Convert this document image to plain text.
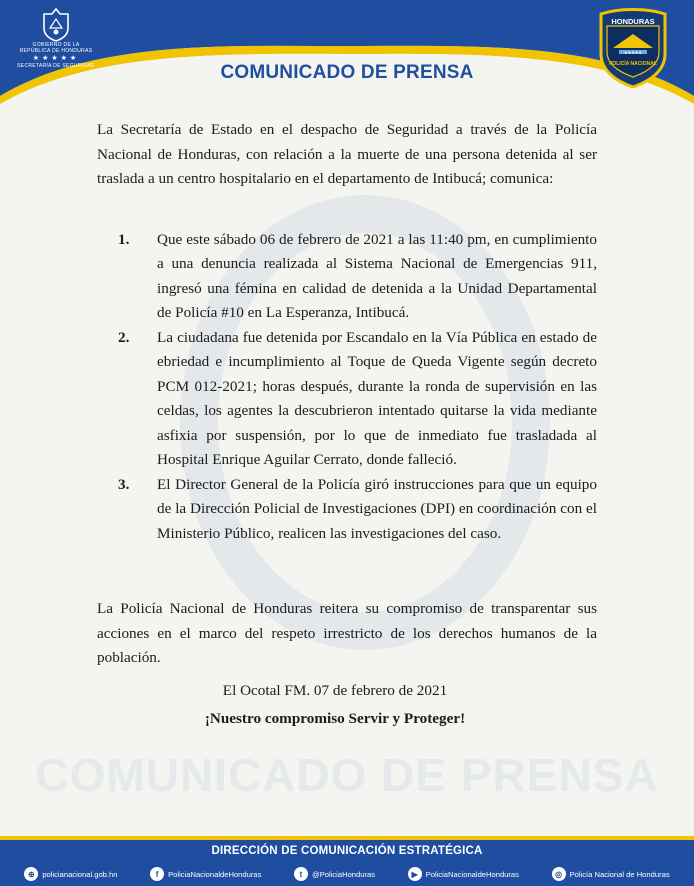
GOBIERNO DE LA
REPÚBLICA DE HONDURAS
★★★★★
SECRETARÍA DE SEGURIDAD	COMUNICADO DE PRENSA
★★★★★
HONDURAS
POLICÍA NACIONAL
COMUNICADO DE PRENSA

La Secretaría de Estado en el despacho de Seguridad a través de la Policía Nacional de Honduras, con relación a la muerte de una persona detenida al ser traslada a un centro hospitalario en el departamento de Intibucá; comunica:

1.	Que este sábado 06 de febrero de 2021 a las 11:40 pm, en cumplimiento a una denuncia realizada al Sistema Nacional de Emergencias 911, ingresó una fémina en calidad de detenida a la Unidad Departamental de Policía #10 en La Esperanza, Intibucá.
2.	La ciudadana fue detenida por Escandalo en la Vía Pública en estado de ebriedad e incumplimiento al Toque de Queda Vigente según decreto PCM 012-2021; horas después, durante la ronda de supervisión en las celdas, los agentes la descubrieron intentado quitarse la vida mediante asfixia por suspensión, por lo que de inmediato fue trasladada al Hospital Enrique Aguilar Cerrato, donde falleció.
3.	El Director General de la Policía giró instrucciones para que un equipo de la Dirección Policial de Investigaciones (DPI) en coordinación con el Ministerio Público, realicen las investigaciones del caso.

La Policía Nacional de Honduras reitera su compromiso de transparentar sus acciones en el marco del respeto irrestricto de los derechos humanos de la población.

El Ocotal FM. 07 de febrero de 2021
¡Nuestro compromiso Servir y Proteger!
DIRECCIÓN DE COMUNICACIÓN ESTRATÉGICA
⊕	policianacional.gob.hn	f	PoliciaNacionaldeHonduras	t	@PoliciaHonduras	▶	PoliciaNacionaldeHonduras	◎ Policía Nacional de Honduras
